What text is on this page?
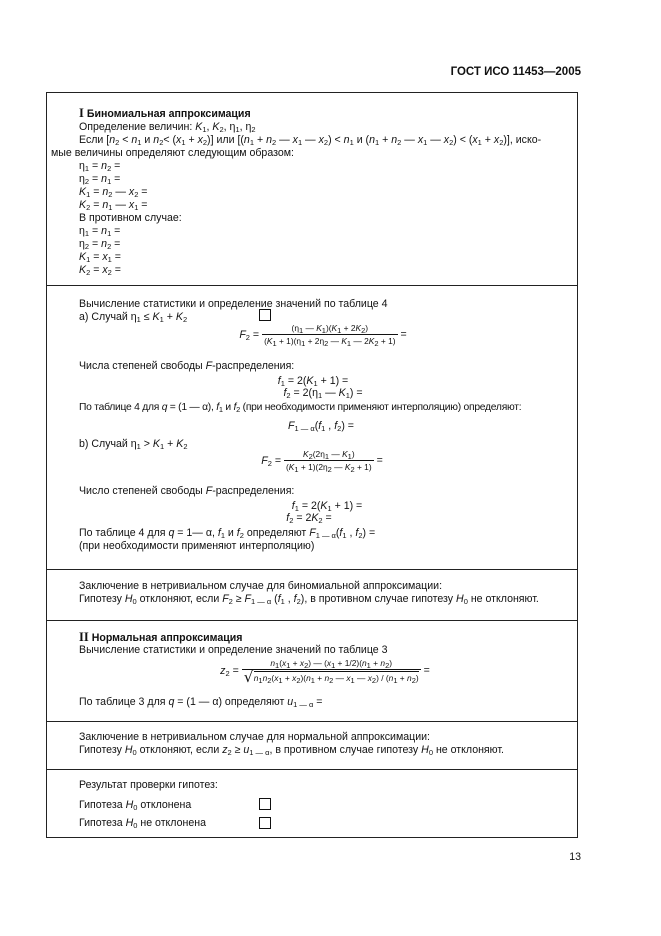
ГОСТ ИСО 11453—2005
I Биномиальная аппроксимация
Определение величин: $K_1$, $K_2$, $\eta_1$, $\eta_2$
Если [$n_2 < n_1$ и $n_2< (x_1 + x_2)$] или [($n_1 + n_2$ — $x_1$ — $x_2) < n_1$ и ($n_1 + n_2$ — $x_1$ — $x_2) < (x_1 + x_2)$], иско-
мые величины определяют следующим образом:
$\eta_1 = n_2$ =
$\eta_2 = n_1$ =
$K_1 = n_2$ — $x_2$ =
$K_2 = n_1$ — $x_1$ =
В противном случае:
$\eta_1 = n_1$ =
$\eta_2 = n_2$ =
$K_1 = x_1$ =
$K_2 = x_2$ =
Вычисление статистики и определение значений по таблице 4
а) Случай $\eta_1 \le K_1 + K_2$
$F_2 = \frac{(\eta_1 — K_1)(K_1 + 2K_2)}{(K_1 + 1)(\eta_1 + 2\eta_2 — K_1 — 2K_2 + 1)}$ =
Числа степеней свободы F-распределения:
$f_1 = 2(K_1 + 1)$ =
$f_2 = 2(\eta_1$ — $K_1$) =
По таблице 4 для q = (1 — α), $f_1$ и $f_2$ (при необходимости применяют интерполяцию) определяют:
$F_{1 — \alpha}(f_1$ , $f_2$) =
b) Случай $\eta_1 > K_1 + K_2$
$F_2 = \frac{K_2(2\eta_1 — K_1)}{(K_1 + 1)(2\eta_2 — K_2 + 1)}$ =
Число степеней свободы F-распределения:
$f_1 = 2(K_1 + 1)$ =
$f_2 = 2K_2$ =
По таблице 4 для q = 1— α, $f_1$ и $f_2$ определяют $F_{1 — \alpha}(f_1$ , $f_2$) =
(при необходимости применяют интерполяцию)
Заключение в нетривиальном случае для биномиальной аппроксимации:
Гипотезу $H_0$ отклоняют, если $F_2 \ge F_{1 — \alpha}$ ($f_1$ , $f_2$), в противном случае гипотезу $H_0$ не отклоняют.
II Нормальная аппроксимация
Вычисление статистики и определение значений по таблице 3
$z_2 = \frac{n_1(x_1 + x_2) — (x_1 + 1/2)(n_1 + n_2)}{√ n_1n_2(x_1 + x_2)(n_1 + n_2 — x_1 — x_2) / (n_1 + n_2)}$ =
По таблице 3 для q = (1 — α) определяют $u_{1 — \alpha}$ =
Заключение в нетривиальном случае для нормальной аппроксимации:
Гипотезу $H_0$ отклоняют, если $z_2 \ge u_{1 — \alpha}$, в противном случае гипотезу $H_0$ не отклоняют.
Результат проверки гипотез:
Гипотеза $H_0$ отклонена
Гипотеза $H_0$ не отклонена
13
